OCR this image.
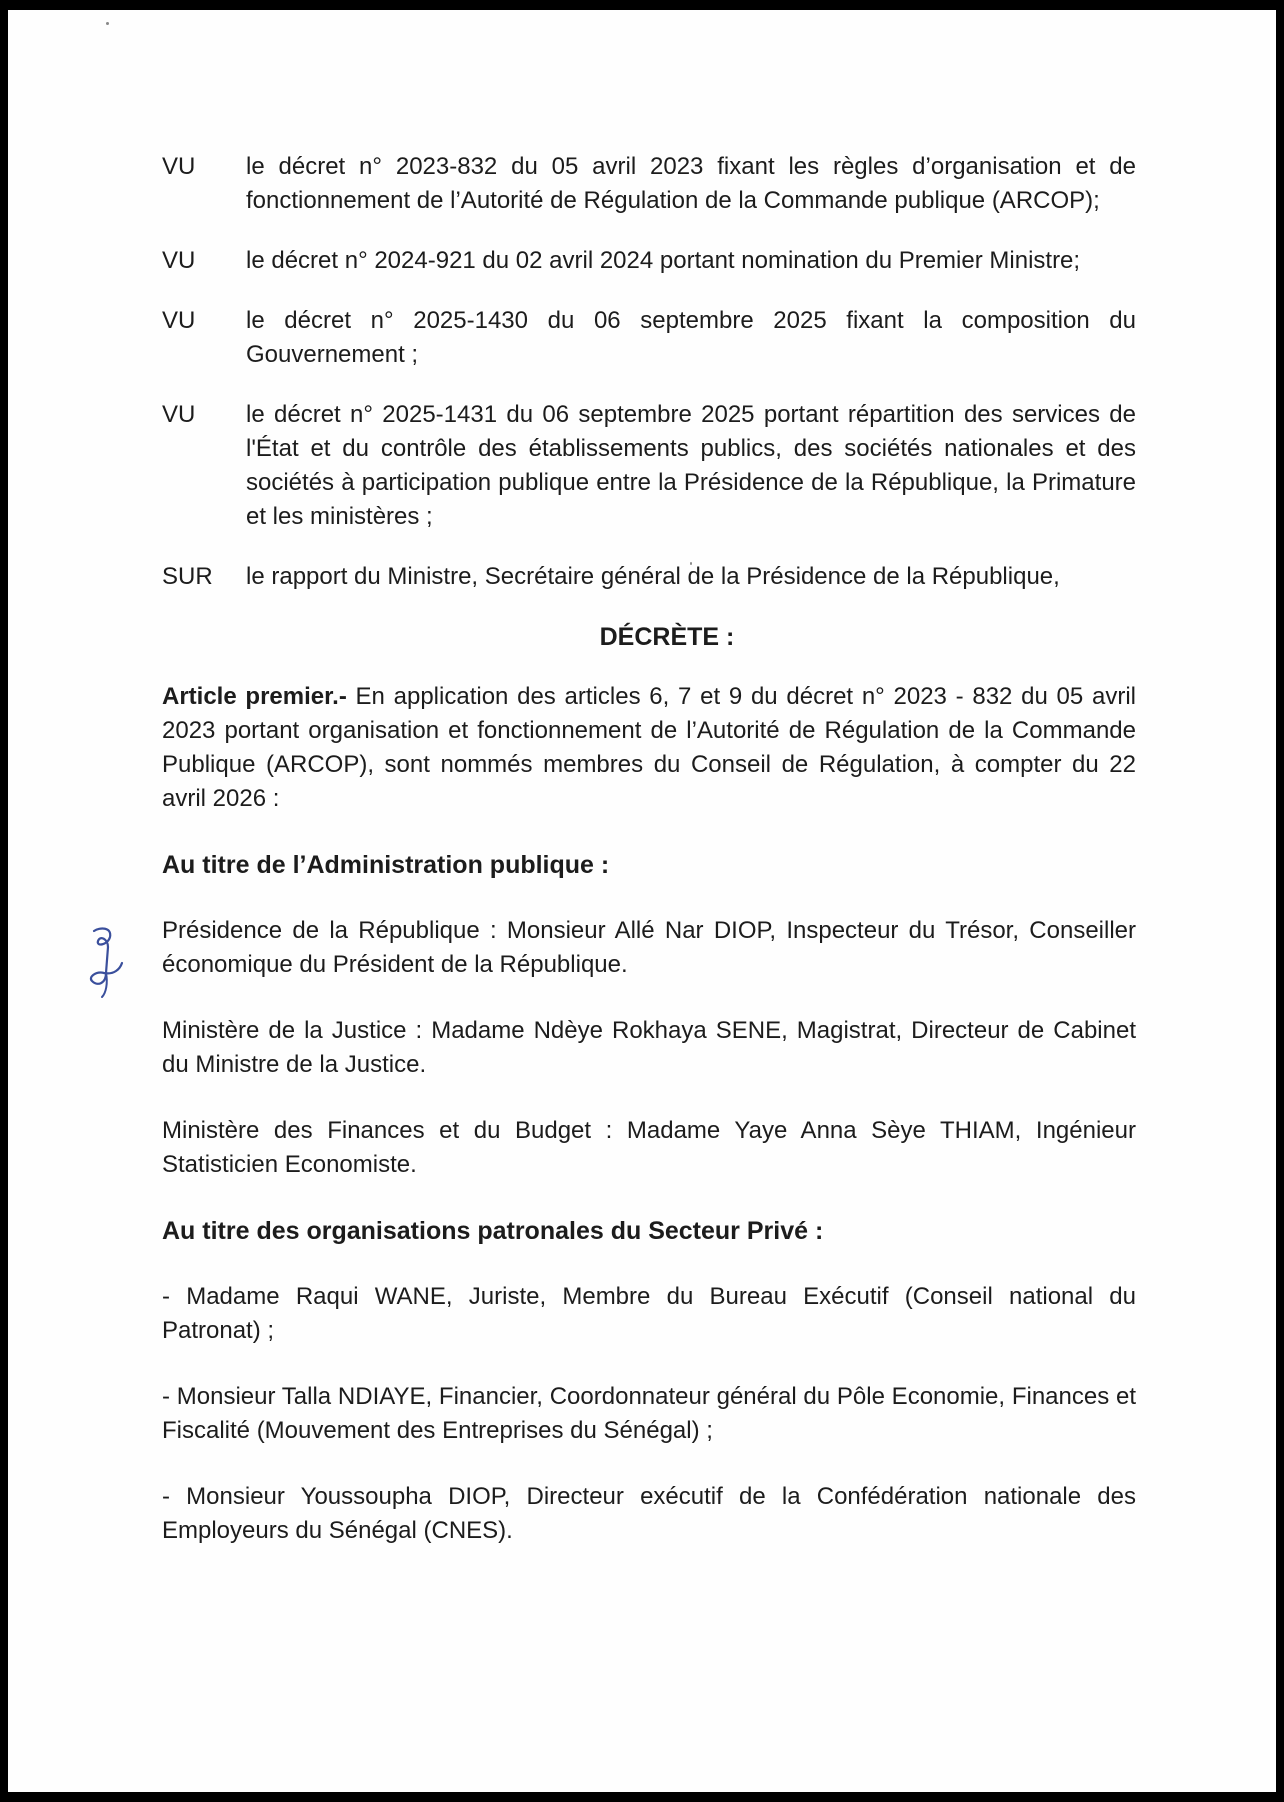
VU	le décret n° 2023-832 du 05 avril 2023 fixant les règles d’organisation et de fonctionnement de l’Autorité de Régulation de la Commande publique (ARCOP);
VU	le décret n° 2024-921 du 02 avril 2024 portant nomination du Premier Ministre;
VU	le décret n° 2025-1430 du 06 septembre 2025 fixant la composition du Gouvernement ;
VU	le décret n° 2025-1431 du 06 septembre 2025 portant répartition des services de l'État et du contrôle des établissements publics, des sociétés nationales et des sociétés à participation publique entre la Présidence de la République, la Primature et les ministères ;
SUR	le rapport du Ministre, Secrétaire général de la Présidence de la République,
DÉCRÈTE :
Article premier.- En application des articles 6, 7 et 9 du décret n° 2023 - 832 du 05 avril 2023 portant organisation et fonctionnement de l’Autorité de Régulation de la Commande Publique (ARCOP), sont nommés membres du Conseil de Régulation, à compter du 22 avril 2026 :
Au titre de l’Administration publique :
Présidence de la République : Monsieur Allé Nar DIOP, Inspecteur du Trésor, Conseiller économique du Président de la République.
Ministère de la Justice : Madame Ndèye Rokhaya SENE, Magistrat, Directeur de Cabinet du Ministre de la Justice.
Ministère des Finances et du Budget : Madame Yaye Anna Sèye THIAM, Ingénieur Statisticien Economiste.
Au titre des organisations patronales du Secteur Privé :
- Madame Raqui WANE, Juriste, Membre du Bureau Exécutif (Conseil national du Patronat) ;
- Monsieur Talla NDIAYE, Financier, Coordonnateur général du Pôle Economie, Finances et Fiscalité (Mouvement des Entreprises du Sénégal) ;
- Monsieur Youssoupha DIOP, Directeur exécutif de la Confédération nationale des Employeurs du Sénégal (CNES).
